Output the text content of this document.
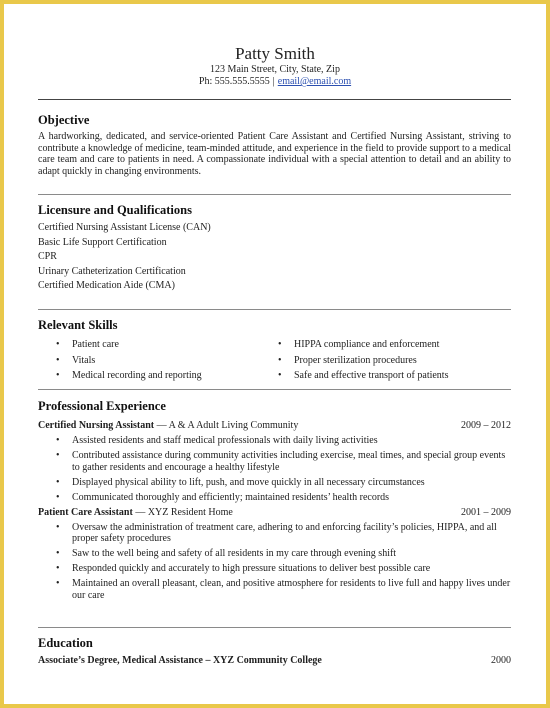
Patty Smith
123 Main Street, City, State, Zip
Ph: 555.555.5555 | email@email.com
Objective
A hardworking, dedicated, and service-oriented Patient Care Assistant and Certified Nursing Assistant, striving to contribute a knowledge of medicine, team-minded attitude, and experience in the field to provide support to a medical care team and care to patients in need. A compassionate individual with a special attention to detail and an ability to adapt quickly in changing environments.
Licensure and Qualifications
Certified Nursing Assistant License (CAN)
Basic Life Support Certification
CPR
Urinary Catheterization Certification
Certified Medication Aide (CMA)
Relevant Skills
• Patient care
• Vitals
• Medical recording and reporting
• HIPPA compliance and enforcement
• Proper sterilization procedures
• Safe and effective transport of patients
Professional Experience
Certified Nursing Assistant — A & A Adult Living Community	2009 – 2012
• Assisted residents and staff medical professionals with daily living activities
• Contributed assistance during community activities including exercise, meal times, and special group events to gather residents and encourage a healthy lifestyle
• Displayed physical ability to lift, push, and move quickly in all necessary circumstances
• Communicated thoroughly and efficiently; maintained residents’ health records
Patient Care Assistant — XYZ Resident Home	2001 – 2009
• Oversaw the administration of treatment care, adhering to and enforcing facility’s policies, HIPPA, and all proper safety procedures
• Saw to the well being and safety of all residents in my care through evening shift
• Responded quickly and accurately to high pressure situations to deliver best possible care
• Maintained an overall pleasant, clean, and positive atmosphere for residents to live full and happy lives under our care
Education
Associate’s Degree, Medical Assistance – XYZ Community College	2000
